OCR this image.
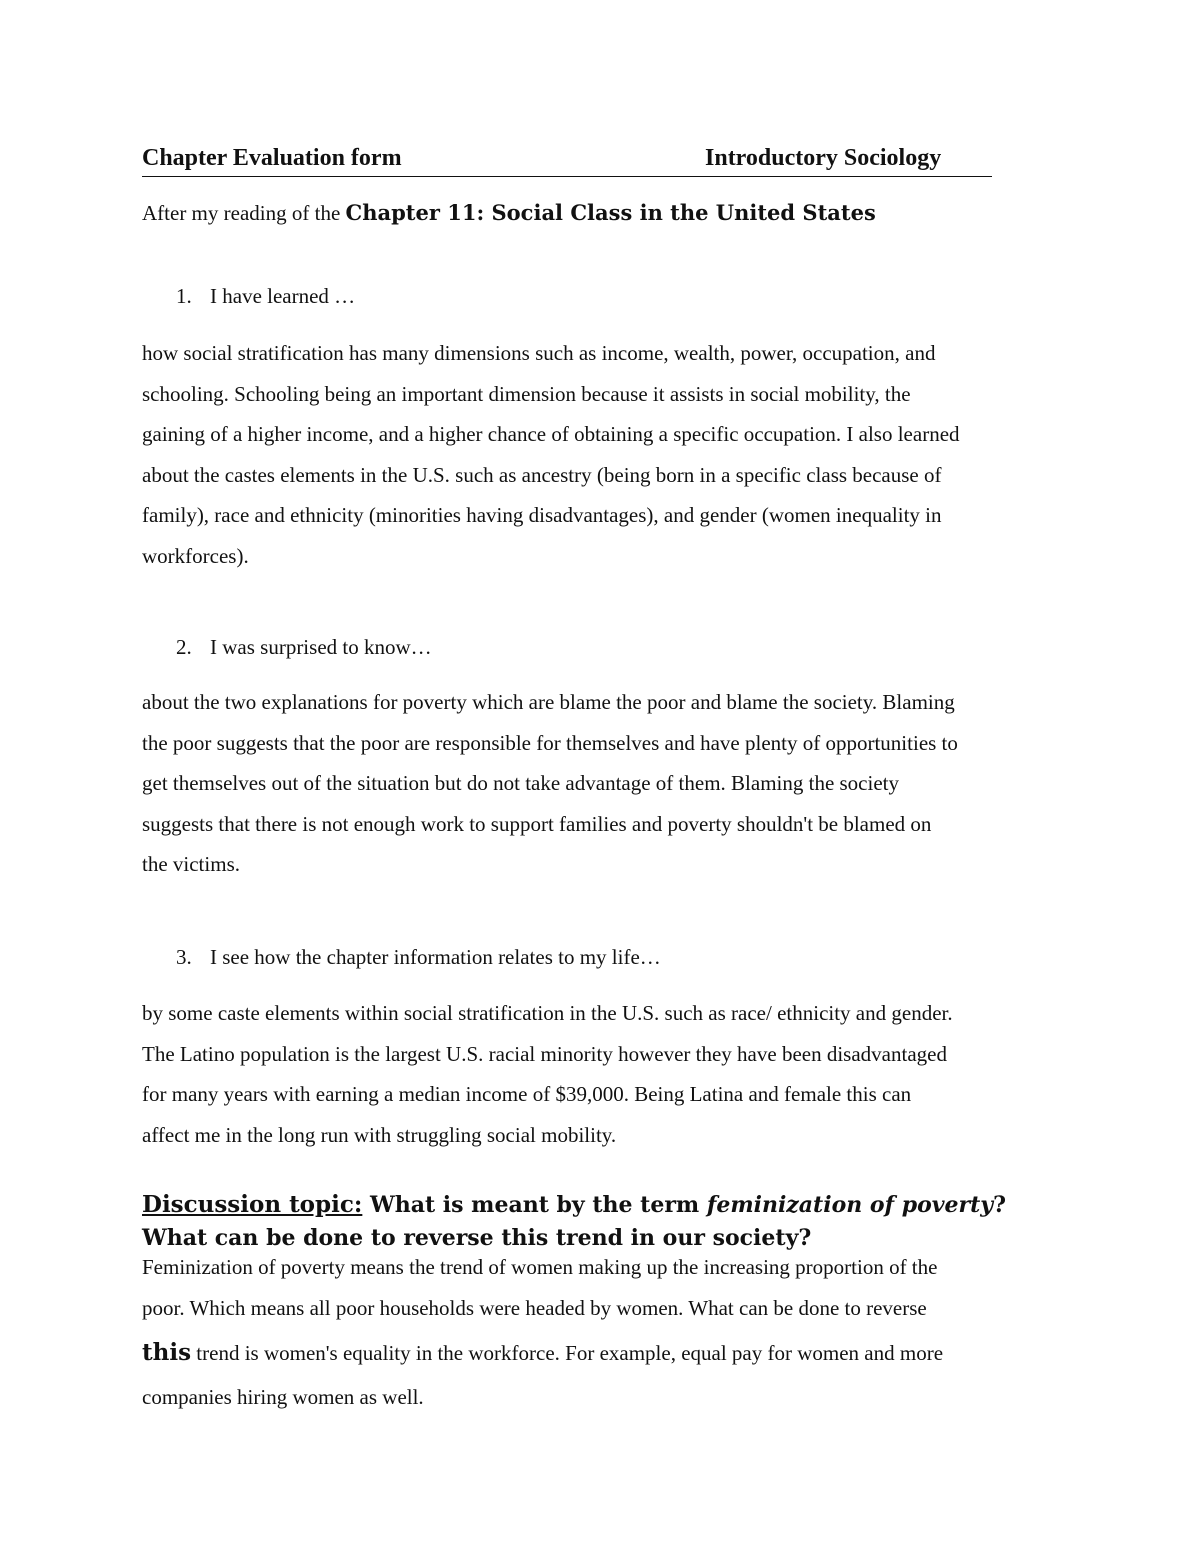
Chapter Evaluation form	Introductory Sociology
After my reading of the Chapter 11: Social Class in the United States
1. I have learned …
how social stratification has many dimensions such as income, wealth, power, occupation, and
schooling. Schooling being an important dimension because it assists in social mobility, the
gaining of a higher income, and a higher chance of obtaining a specific occupation. I also learned
about the castes elements in the U.S. such as ancestry (being born in a specific class because of
family), race and ethnicity (minorities having disadvantages), and gender (women inequality in
workforces).
2. I was surprised to know…
about the two explanations for poverty which are blame the poor and blame the society. Blaming
the poor suggests that the poor are responsible for themselves and have plenty of opportunities to
get themselves out of the situation but do not take advantage of them. Blaming the society
suggests that there is not enough work to support families and poverty shouldn't be blamed on
the victims.
3. I see how the chapter information relates to my life…
by some caste elements within social stratification in the U.S. such as race/ ethnicity and gender.
The Latino population is the largest U.S. racial minority however they have been disadvantaged
for many years with earning a median income of $39,000. Being Latina and female this can
affect me in the long run with struggling social mobility.
Discussion topic: What is meant by the term feminization of poverty? What can be done to reverse this trend in our society?
Feminization of poverty means the trend of women making up the increasing proportion of the
poor. Which means all poor households were headed by women. What can be done to reverse
this trend is women's equality in the workforce. For example, equal pay for women and more
companies hiring women as well.
